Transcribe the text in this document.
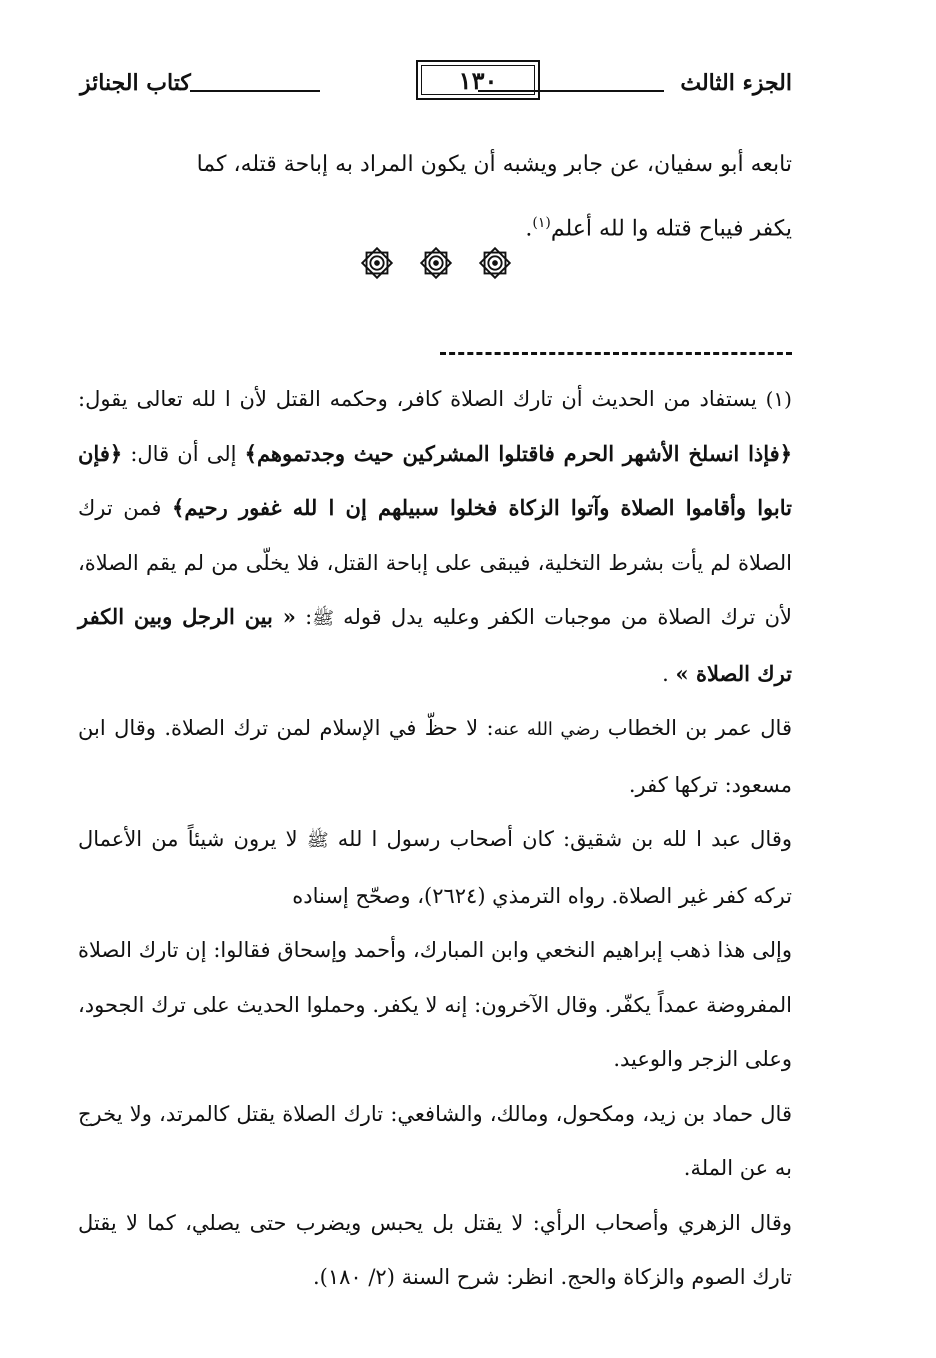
الجزء الثالث
١٣٠
كتاب الجنائز

تابعه أبو سفيان، عن جابر ويشبه أن يكون المراد به إباحة قتله، كما

يكفر فيباح قتله وا لله أعلم$^{(١)}$.

(١) يستفاد من الحديث أن تارك الصلاة كافر، وحكمه القتل لأن ا لله تعالى يقول: ﴿فإذا انسلخ الأشهر الحرم فاقتلوا المشركين حيث وجدتموهم﴾ إلى أن قال: ﴿فإن تابوا وأقاموا الصلاة وآتوا الزكاة فخلوا سبيلهم إن ا لله غفور رحيم﴾ فمن ترك الصلاة لم يأت بشرط التخلية، فيبقى على إباحة القتل، فلا يخلّى من لم يقم الصلاة، لأن ترك الصلاة من موجبات الكفر وعليه يدل قوله ﷺ: « بين الرجل وبين الكفر ترك الصلاة » .

قال عمر بن الخطاب رضي الله عنه: لا حظّ في الإسلام لمن ترك الصلاة. وقال ابن مسعود: تركها كفر.

وقال عبد ا لله بن شقيق: كان أصحاب رسول ا لله ﷺ لا يرون شيئاً من الأعمال تركه كفر غير الصلاة. رواه الترمذي (٢٦٢٤)، وصحّح إسناده

وإلى هذا ذهب إبراهيم النخعي وابن المبارك، وأحمد وإسحاق فقالوا: إن تارك الصلاة المفروضة عمداً يكفّر. وقال الآخرون: إنه لا يكفر. وحملوا الحديث على ترك الجحود، وعلى الزجر والوعيد.

قال حماد بن زيد، ومكحول، ومالك، والشافعي: تارك الصلاة يقتل كالمرتد، ولا يخرج به عن الملة.

وقال الزهري وأصحاب الرأي: لا يقتل بل يحبس ويضرب حتى يصلي، كما لا يقتل تارك الصوم والزكاة والحج. انظر: شرح السنة (٢/ ١٨٠).
